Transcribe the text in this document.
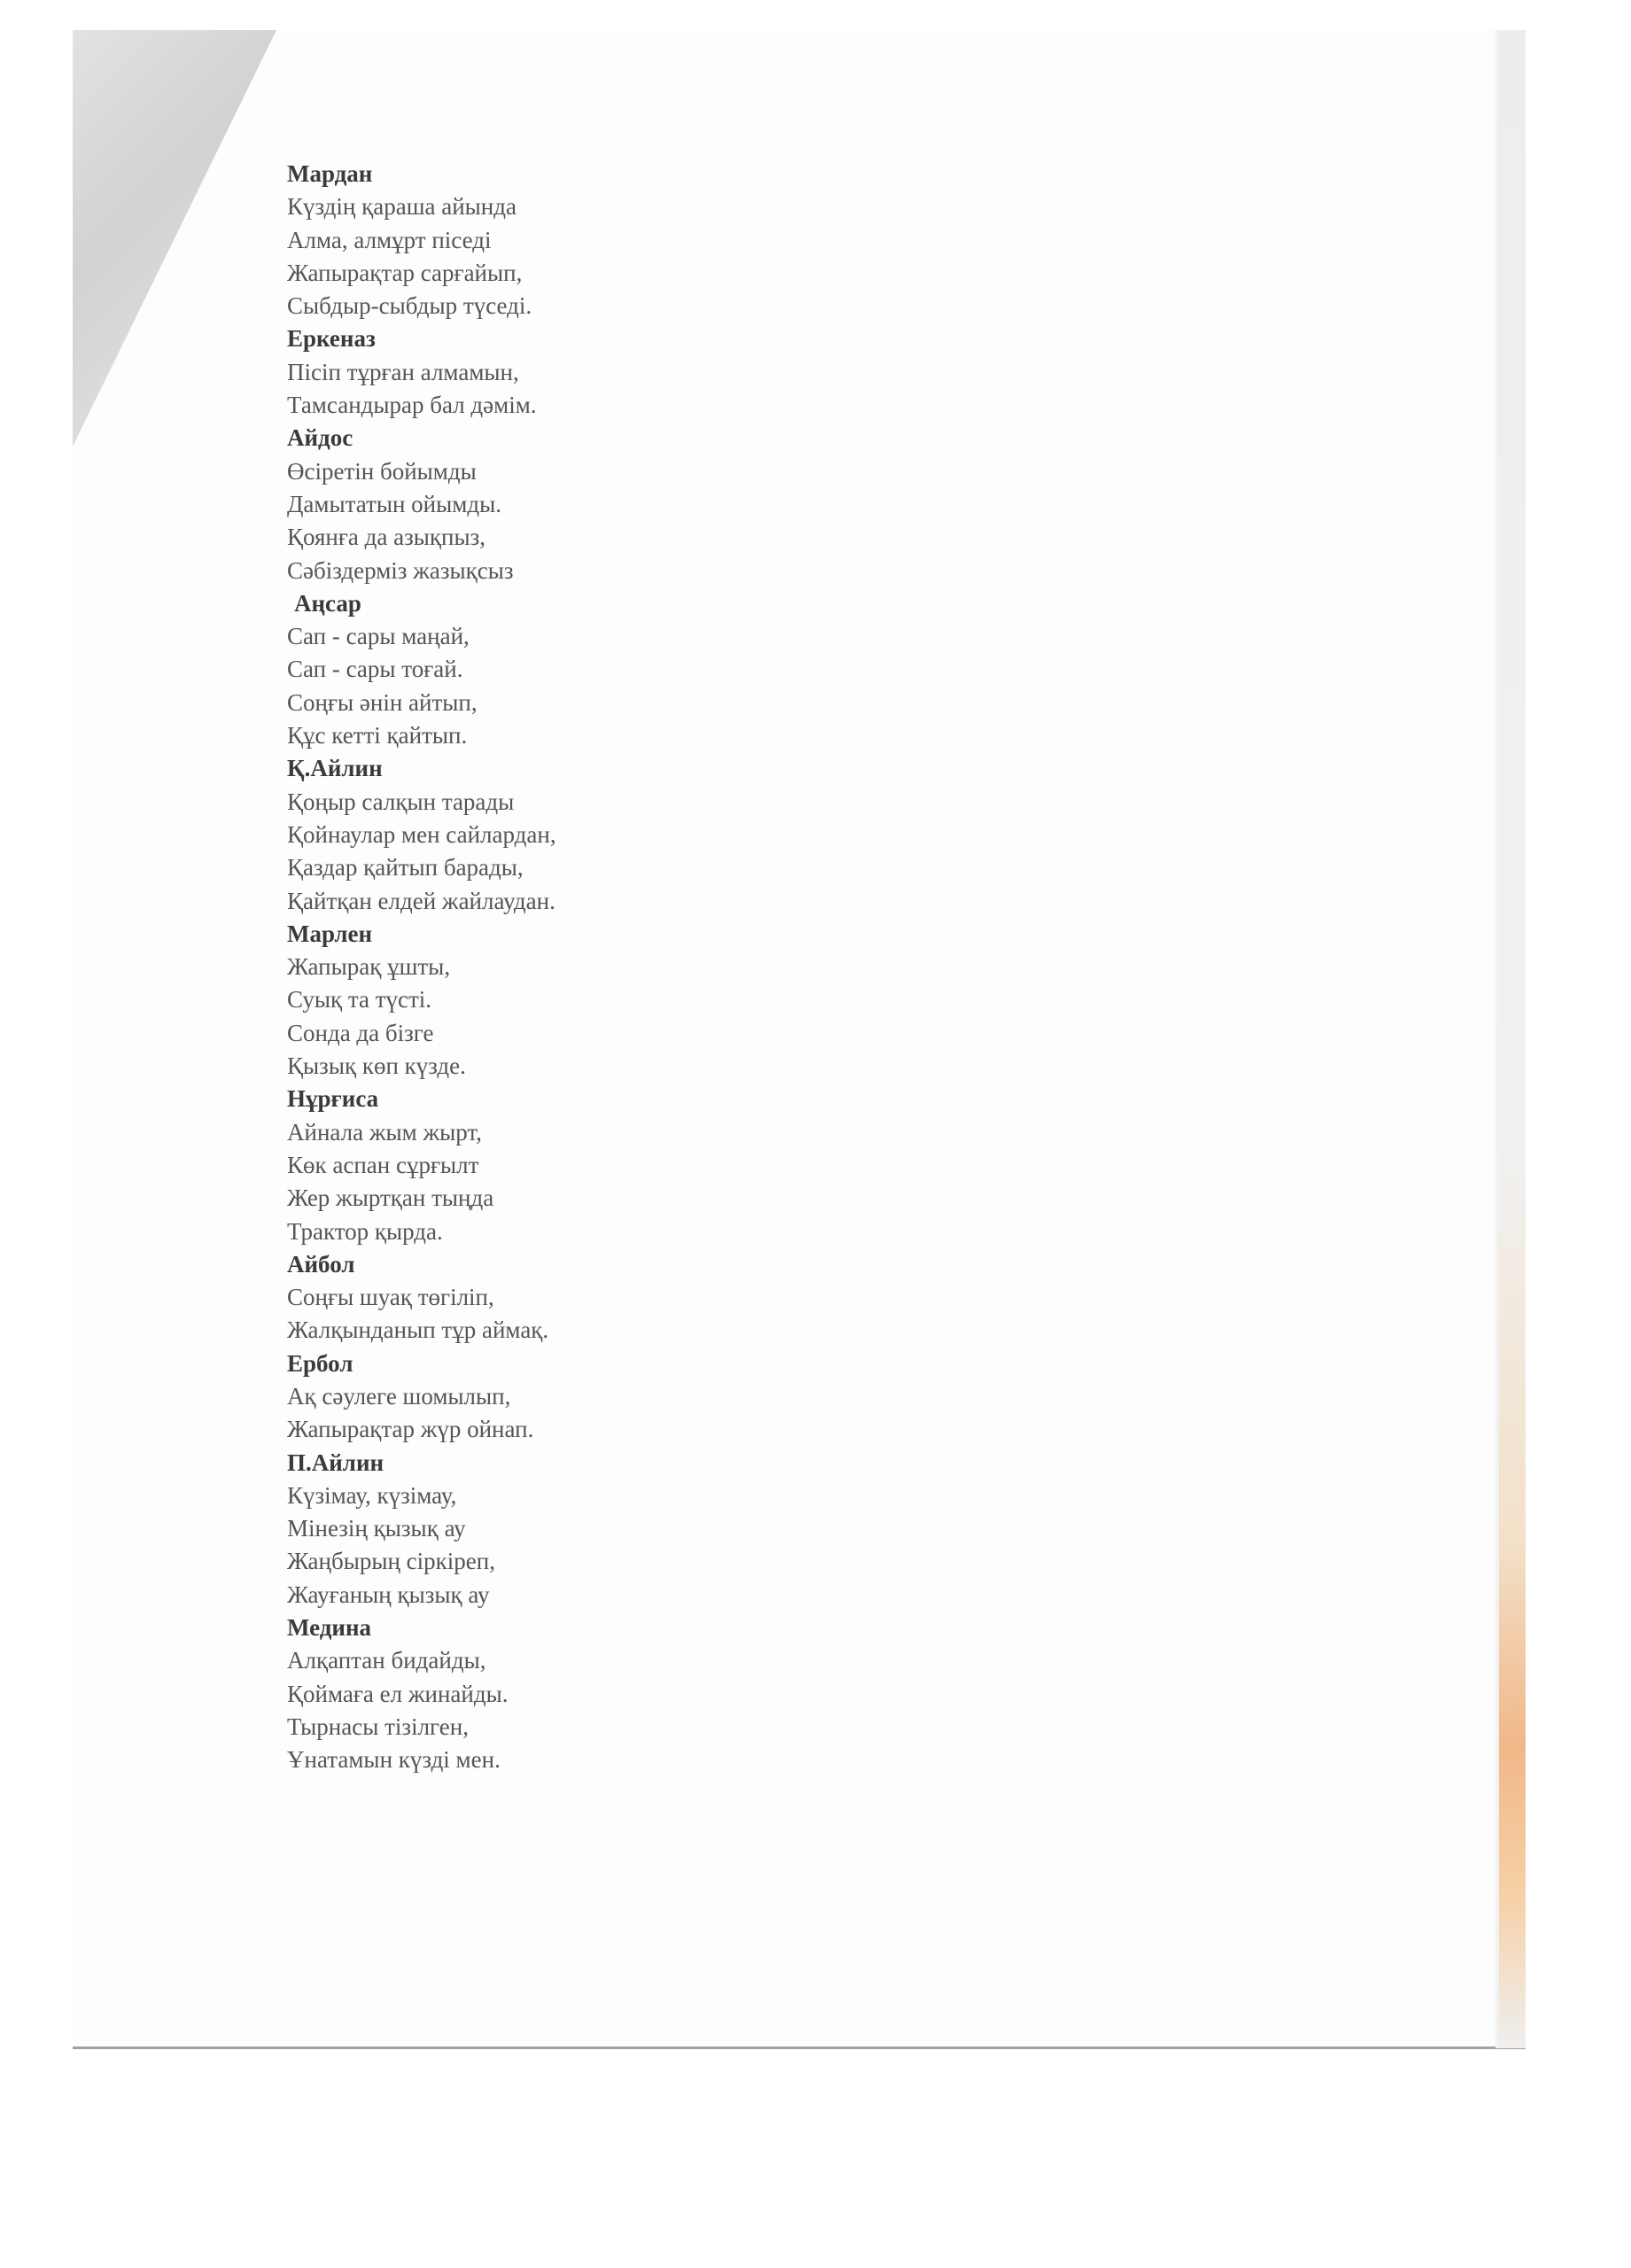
Мардан
Күздің қараша айында
Алма, алмұрт піседі
Жапырақтар сарғайып,
Сыбдыр-сыбдыр түседі.
Еркеназ
Пісіп тұрған алмамын,
Тамсандырар бал дәмім.
Айдос
Өсіретін бойымды
Дамытатын ойымды.
Қоянға да азықпыз,
Сәбіздерміз жазықсыз
Аңсар
Сап - сары маңай,
Сап - сары тоғай.
Соңғы әнін айтып,
Құс кетті қайтып.
Қ.Айлин
Қоңыр салқын тарады
Қойнаулар мен сайлардан,
Қаздар қайтып барады,
Қайтқан елдей жайлаудан.
Марлен
Жапырақ ұшты,
Суық та түсті.
Сонда да бізге
Қызық көп күзде.
Нұрғиса
Айнала жым жырт,
Көк аспан сұрғылт
Жер жыртқан тыңда
Трактор қырда.
Айбол
Соңғы шуақ төгіліп,
Жалқынданып тұр аймақ.
Ербол
Ақ сәулеге шомылып,
Жапырақтар жүр ойнап.
П.Айлин
Күзімау, күзімау,
Мінезің қызық ау
Жаңбырың сіркіреп,
Жауғаның қызық ау
Медина
Алқаптан бидайды,
Қоймаға ел жинайды.
Тырнасы тізілген,
Ұнатамын күзді мен.
